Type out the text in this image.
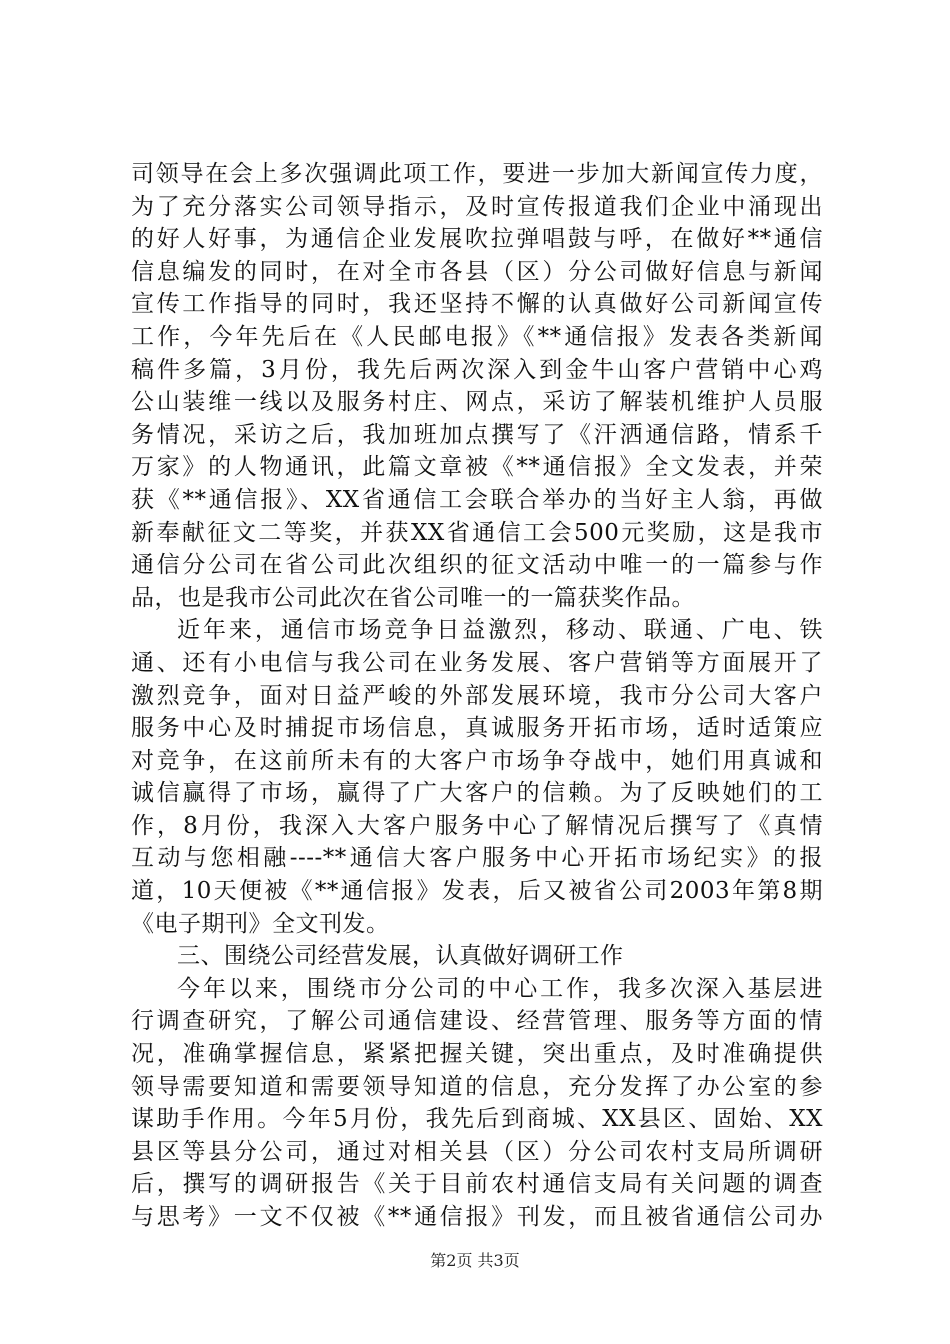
司领导在会上多次强调此项工作，要进一步加大新闻宣传力度，
为了充分落实公司领导指示，及时宣传报道我们企业中涌现出
的好人好事，为通信企业发展吹拉弹唱鼓与呼，在做好**通信
信息编发的同时，在对全市各县（区）分公司做好信息与新闻
宣传工作指导的同时，我还坚持不懈的认真做好公司新闻宣传
工作，今年先后在《人民邮电报》《**通信报》发表各类新闻
稿件多篇，3月份，我先后两次深入到金牛山客户营销中心鸡
公山装维一线以及服务村庄、网点，采访了解装机维护人员服
务情况，采访之后，我加班加点撰写了《汗洒通信路，情系千
万家》的人物通讯，此篇文章被《**通信报》全文发表，并荣
获《**通信报》、XX省通信工会联合举办的当好主人翁，再做
新奉献征文二等奖，并获XX省通信工会500元奖励，这是我市
通信分公司在省公司此次组织的征文活动中唯一的一篇参与作
品，也是我市公司此次在省公司唯一的一篇获奖作品。
近年来，通信市场竞争日益激烈，移动、联通、广电、铁
通、还有小电信与我公司在业务发展、客户营销等方面展开了
激烈竞争，面对日益严峻的外部发展环境，我市分公司大客户
服务中心及时捕捉市场信息，真诚服务开拓市场，适时适策应
对竞争，在这前所未有的大客户市场争夺战中，她们用真诚和
诚信赢得了市场，赢得了广大客户的信赖。为了反映她们的工
作，8月份，我深入大客户服务中心了解情况后撰写了《真情
互动与您相融----**通信大客户服务中心开拓市场纪实》的报
道，10天便被《**通信报》发表，后又被省公司2003年第8期
《电子期刊》全文刊发。
三、围绕公司经营发展，认真做好调研工作
今年以来，围绕市分公司的中心工作，我多次深入基层进
行调查研究，了解公司通信建设、经营管理、服务等方面的情
况，准确掌握信息，紧紧把握关键，突出重点，及时准确提供
领导需要知道和需要领导知道的信息，充分发挥了办公室的参
谋助手作用。今年5月份，我先后到商城、XX县区、固始、XX
县区等县分公司，通过对相关县（区）分公司农村支局所调研
后，撰写的调研报告《关于目前农村通信支局有关问题的调查
与思考》一文不仅被《**通信报》刊发，而且被省通信公司办
第2页 共3页
